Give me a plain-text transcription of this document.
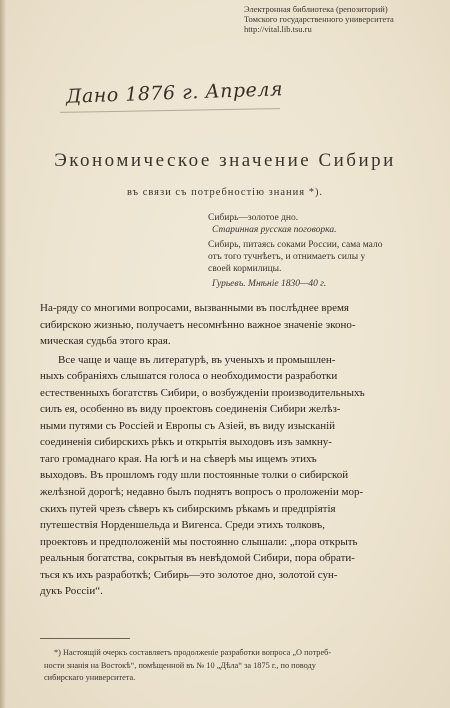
Электронная библиотека (репозиторий)
Томского государственного университета
http://vital.lib.tsu.ru
Дано 1876 г. Апреля
Экономическое значение Сибири
въ связи съ потребностію знания *).
Сибирь—золотое дно.
Старинная русская поговорка.
Сибирь, питаясь соками России, сама мало
отъ того тучнѣетъ, и отнимаетъ силы у
своей кормилицы.
Гурьевъ. Мнѣніе 1830—40 г.
На-ряду со многими вопросами, вызванными въ послѣднее время
сибирскою жизнью, получаетъ несомнѣнно важное значеніе эконо-
мическая судьба этого края.
Все чаще и чаще въ литературѣ, въ ученыхъ и промышлен-
ныхъ собраніяхъ слышатся голоса о необходимости разработки
естественныхъ богатствъ Сибири, о возбужденіи производительныхъ
силъ ея, особенно въ виду проектовъ соединенія Сибири желѣз-
ными путями съ Россіей и Европы съ Азіей, въ виду изысканій
соединенія сибирскихъ рѣкъ и открытія выходовъ изъ замкну-
таго громаднаго края. На югѣ и на сѣверѣ мы ищемъ этихъ
выходовъ. Въ прошломъ году шли постоянные толки о сибирской
желѣзной дорогѣ; недавно былъ поднятъ вопросъ о проложеніи мор-
скихъ путей чрезъ сѣверъ къ сибирскимъ рѣкамъ и предпріятія
путешествія Норденшельда и Вигенса. Среди этихъ толковъ,
проектовъ и предположеній мы постоянно слышали: „пора открыть
реальныя богатства, сокрытыя въ невѣдомой Сибири, пора обрати-
ться къ ихъ разработкѣ; Сибирь—это золотое дно, золотой сун-
дукъ Россіи“.
*) Настоящій очеркъ составляетъ продолженіе разработки вопроса „О потреб-
ности знанія на Востокѣ“, помѣщенной въ № 10 „Дѣла“ за 1875 г., по поводу
сибирскаго университета.
